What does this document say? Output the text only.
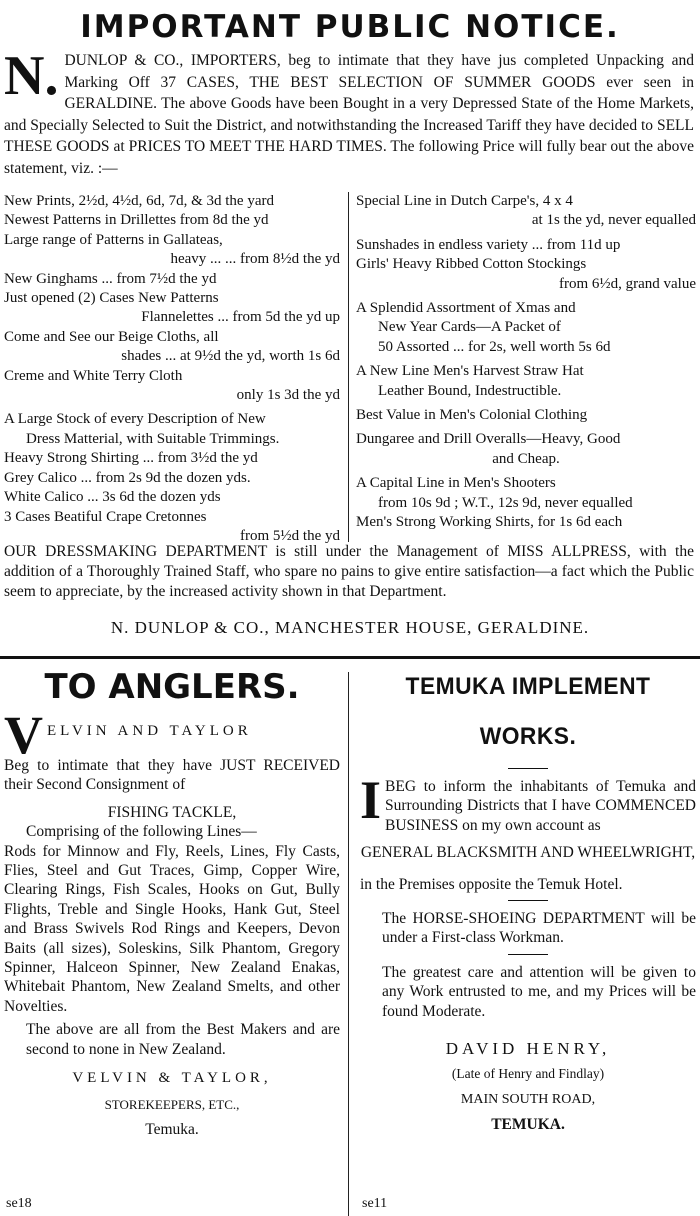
IMPORTANT PUBLIC NOTICE.
N. DUNLOP & CO., IMPORTERS, beg to intimate that they have jus completed Unpacking and Marking Off 37 CASES, THE BEST SELECTION OF SUMMER GOODS ever seen in GERALDINE. The above Goods have been Bought in a very Depressed State of the Home Markets, and Specially Selected to Suit the District, and notwithstanding the Increased Tariff they have decided to SELL THESE GOODS at PRICES TO MEET THE HARD TIMES. The following Price will fully bear out the above statement, viz. :—
New Prints, 2½d, 4½d, 6d, 7d, & 3d the yard
Newest Patterns in Drillettes from 8d the yd
Large range of Patterns in Gallateas,
heavy ... ... from 8½d the yd
New Ginghams ... from 7½d the yd
Just opened (2) Cases New Patterns
Flannelettes ... from 5d the yd up
Come and See our Beige Cloths, all
shades ... at 9½d the yd, worth 1s 6d
Creme and White Terry Cloth
only 1s 3d the yd
A Large Stock of every Description of New
Dress Matterial, with Suitable Trimmings.
Heavy Strong Shirting ... from 3½d the yd
Grey Calico ... from 2s 9d the dozen yds.
White Calico ... 3s 6d the dozen yds
3 Cases Beatiful Crape Cretonnes
from 5½d the yd
Special Line in Dutch Carpe's, 4 x 4
at 1s the yd, never equalled
Sunshades in endless variety ... from 11d up
Girls' Heavy Ribbed Cotton Stockings
from 6½d, grand value
A Splendid Assortment of Xmas and
New Year Cards—A Packet of
50 Assorted ... for 2s, well worth 5s 6d
A New Line Men's Harvest Straw Hat
Leather Bound, Indestructible.
Best Value in Men's Colonial Clothing
Dungaree and Drill Overalls—Heavy, Good
and Cheap.
A Capital Line in Men's Shooters
from 10s 9d ; W.T., 12s 9d, never equalled
Men's Strong Working Shirts, for 1s 6d each
OUR DRESSMAKING DEPARTMENT is still under the Management of MISS ALLPRESS, with the addition of a Thoroughly Trained Staff, who spare no pains to give entire satisfaction—a fact which the Public seem to appreciate, by the increased activity shown in that Department.
N. DUNLOP & CO., MANCHESTER HOUSE, GERALDINE.
TO ANGLERS.
V ELVIN AND TAYLOR
Beg to intimate that they have JUST RECEIVED their Second Consignment of
FISHING TACKLE,
Comprising of the following Lines—
Rods for Minnow and Fly, Reels, Lines, Fly Casts, Flies, Steel and Gut Traces, Gimp, Copper Wire, Clearing Rings, Fish Scales, Hooks on Gut, Bully Flights, Treble and Single Hooks, Hank Gut, Steel and Brass Swivels Rod Rings and Keepers, Devon Baits (all sizes), Soleskins, Silk Phantom, Gregory Spinner, Halceon Spinner, New Zealand Enakas, Whitebait Phantom, New Zealand Smelts, and other Novelties.
The above are all from the Best Makers and are second to none in New Zealand.
VELVIN & TAYLOR,
STOREKEEPERS, ETC.,
Temuka.
se18
TEMUKA IMPLEMENT WORKS.
I BEG to inform the inhabitants of Temuka and Surrounding Districts that I have COMMENCED BUSINESS on my own account as
GENERAL BLACKSMITH AND WHEELWRIGHT,
in the Premises opposite the Temuk Hotel.
The HORSE-SHOEING DEPARTMENT will be under a First-class Workman.
The greatest care and attention will be given to any Work entrusted to me, and my Prices will be found Moderate.
DAVID HENRY,
(Late of Henry and Findlay)
MAIN SOUTH ROAD,
TEMUKA.
se11
